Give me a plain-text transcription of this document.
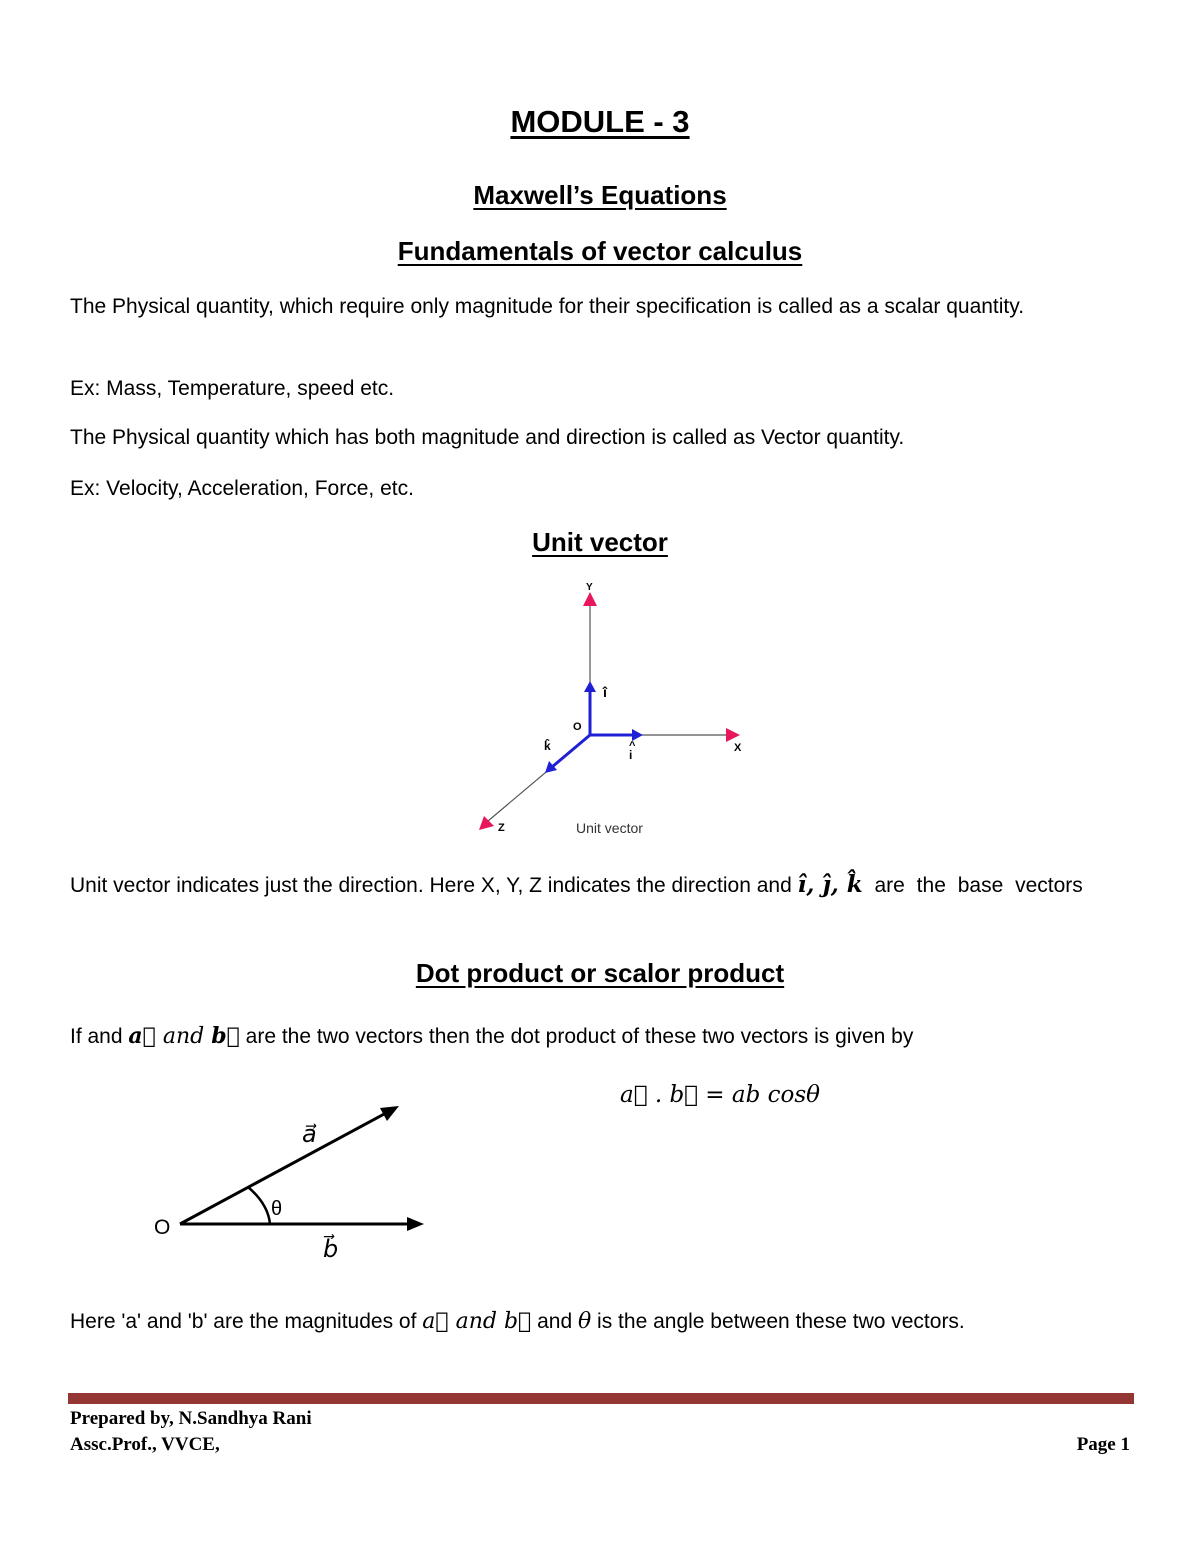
MODULE - 3
Maxwell’s Equations
Fundamentals of vector calculus
The Physical quantity, which require only magnitude for their specification is called as a scalar quantity.
Ex: Mass, Temperature, speed etc.
The Physical quantity which has both magnitude and direction is called as Vector quantity.
Ex: Velocity, Acceleration, Force, etc.
Unit vector
Y
X
Z
O
î
i
^
k̂
Unit vector
Unit vector indicates just the direction. Here X, Y, Z indicates the direction and î, ĵ, k̂ are the base vectors
Dot product or scalor product
If and a⃗ and b⃗ are the two vectors then the dot product of these two vectors is given by
a⃗ . b⃗ = ab cosθ
O
a⃗
b⃗
θ
Here 'a' and 'b' are the magnitudes of a⃗ and b⃗ and θ is the angle between these two vectors.
Prepared by, N.Sandhya Rani
Assc.Prof., VVCE,	Page 1
